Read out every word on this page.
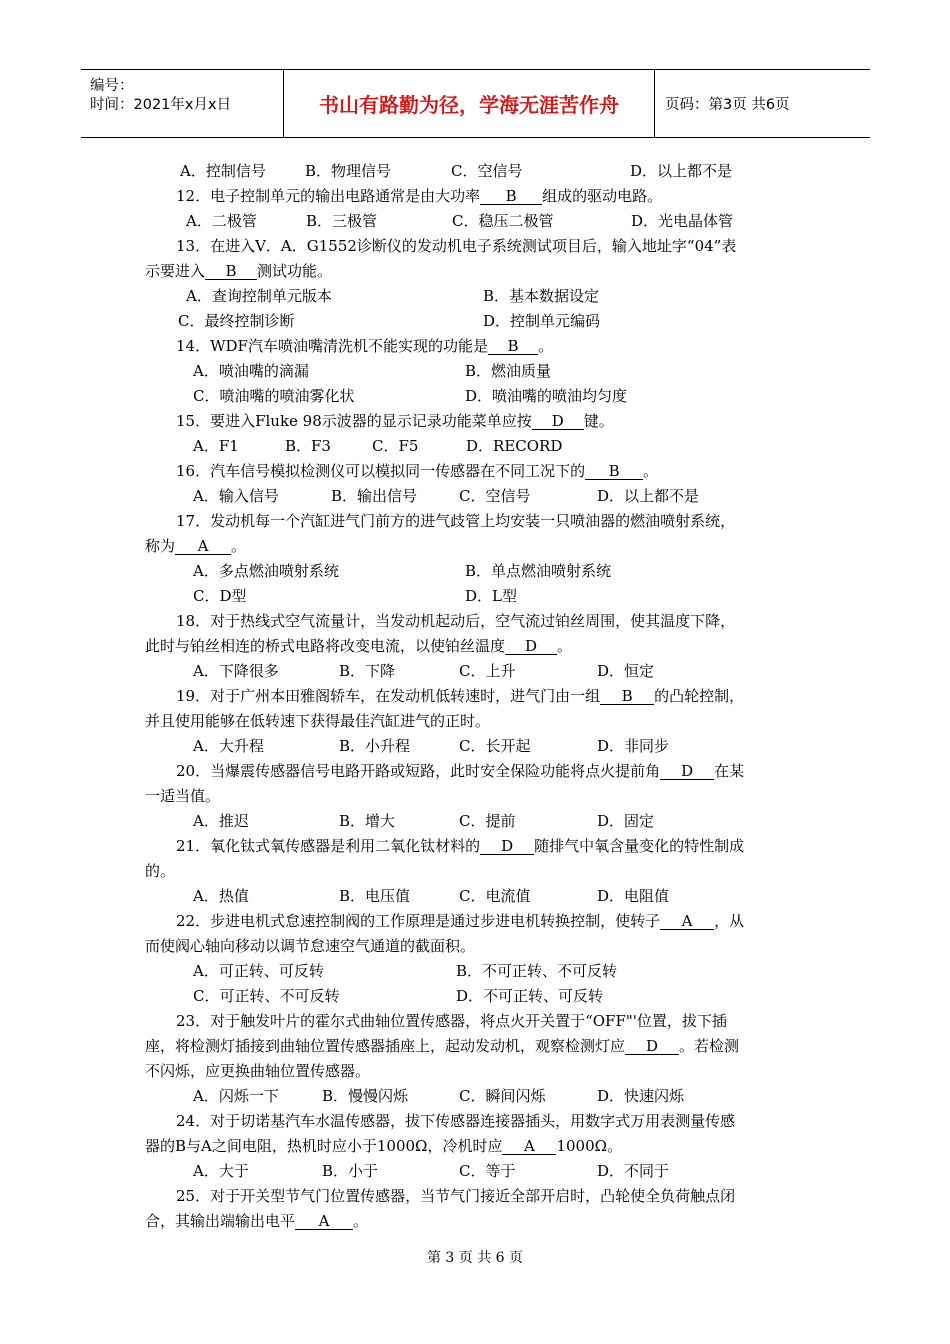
编号：
时间：2021年x月x日	书山有路勤为径，学海无涯苦作舟	页码：第3页 共6页
A．控制信号	B．物理信号	C．空信号	D．以上都不是
12．电子控制单元的输出电路通常是由大功率 B 组成的驱动电路。
A．二极管	B．三极管	C．稳压二极管	D．光电晶体管
13．在进入V．A．G1552诊断仪的发动机电子系统测试项目后，输入地址字“04”表
示要进入 B 测试功能。
A．查询控制单元版本	B．基本数据设定
C．最终控制诊断	D．控制单元编码
14．WDF汽车喷油嘴清洗机不能实现的功能是 B 。
A．喷油嘴的滴漏	B．燃油质量
C．喷油嘴的喷油雾化状	D．喷油嘴的喷油均匀度
15．要进入Fluke 98示波器的显示记录功能菜单应按 D 键。
A．F1	B．F3	C．F5	D．RECORD
16．汽车信号模拟检测仪可以模拟同一传感器在不同工况下的 B 。
A．输入信号	B．输出信号	C．空信号	D．以上都不是
17．发动机每一个汽缸进气门前方的进气歧管上均安装一只喷油器的燃油喷射系统，
称为 A 。
A．多点燃油喷射系统	B．单点燃油喷射系统
C．D型	D．L型
18．对于热线式空气流量计，当发动机起动后，空气流过铂丝周围，使其温度下降，
此时与铂丝相连的桥式电路将改变电流，以使铂丝温度 D 。
A．下降很多	B．下降	C．上升	D．恒定
19．对于广州本田雅阁轿车，在发动机低转速时，进气门由一组 B 的凸轮控制，
并且使用能够在低转速下获得最佳汽缸进气的正时。
A．大升程	B．小升程	C．长开起	D．非同步
20．当爆震传感器信号电路开路或短路，此时安全保险功能将点火提前角 D 在某
一适当值。
A．推迟	B．增大	C．提前	D．固定
21．氧化钛式氧传感器是利用二氧化钛材料的 D 随排气中氧含量变化的特性制成
的。
A．热值	B．电压值	C．电流值	D．电阻值
22．步进电机式怠速控制阀的工作原理是通过步进电机转换控制，使转子 A ，从
而使阀心轴向移动以调节怠速空气通道的截面积。
A．可正转、可反转	B．不可正转、不可反转
C．可正转、不可反转	D．不可正转、可反转
23．对于触发叶片的霍尔式曲轴位置传感器，将点火开关置于“OFF"'位置，拔下插
座，将检测灯插接到曲轴位置传感器插座上，起动发动机，观察检测灯应 D 。若检测
不闪烁，应更换曲轴位置传感器。
A．闪烁一下	B．慢慢闪烁	C．瞬间闪烁	D．快速闪烁
24．对于切诺基汽车水温传感器，拔下传感器连接器插头，用数字式万用表测量传感
器的B与A之间电阻，热机时应小于1000Ω，冷机时应 A 1000Ω。
A．大于	B．小于	C．等于	D．不同于
25．对于开关型节气门位置传感器，当节气门接近全部开启时，凸轮使全负荷触点闭
合，其输出端输出电平 A 。
第 3 页 共 6 页
